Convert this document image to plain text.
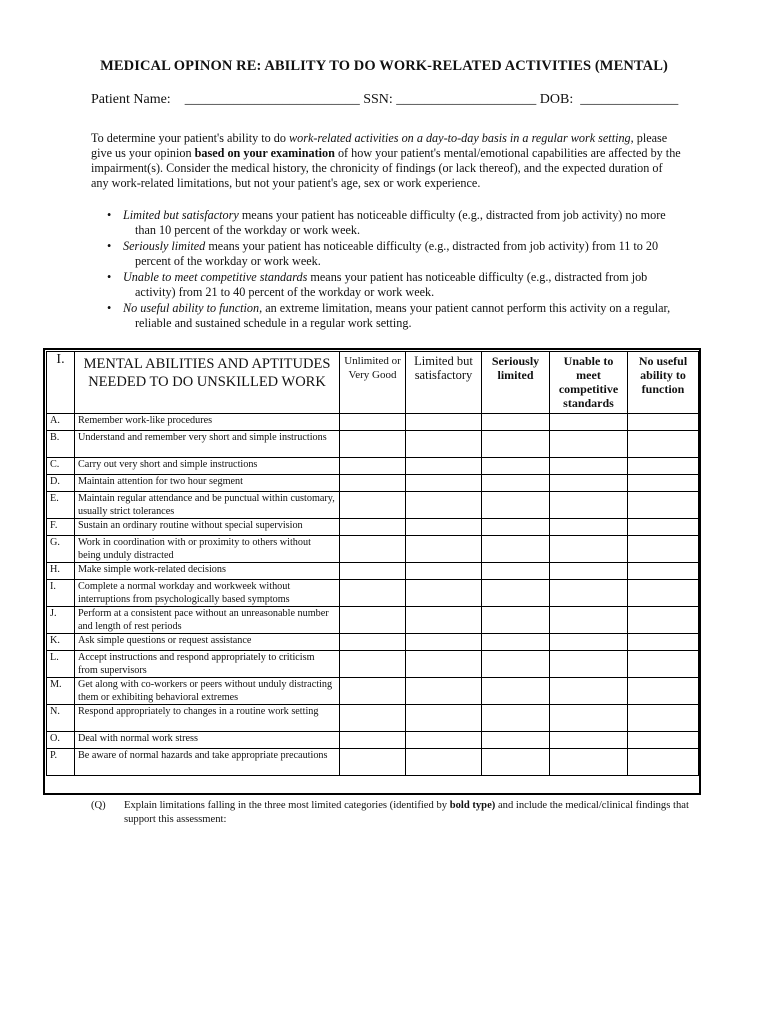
MEDICAL OPINON RE: ABILITY TO DO WORK-RELATED ACTIVITIES (MENTAL)
Patient Name: _________________________ SSN: ____________________ DOB: ______________
To determine your patient's ability to do work-related activities on a day-to-day basis in a regular work setting, please give us your opinion based on your examination of how your patient's mental/emotional capabilities are affected by the impairment(s). Consider the medical history, the chronicity of findings (or lack thereof), and the expected duration of any work-related limitations, but not your patient's age, sex or work experience.
• Limited but satisfactory means your patient has noticeable difficulty (e.g., distracted from job activity) no more than 10 percent of the workday or work week.
• Seriously limited means your patient has noticeable difficulty (e.g., distracted from job activity) from 11 to 20 percent of the workday or work week.
• Unable to meet competitive standards means your patient has noticeable difficulty (e.g., distracted from job activity) from 21 to 40 percent of the workday or work week.
• No useful ability to function, an extreme limitation, means your patient cannot perform this activity on a regular, reliable and sustained schedule in a regular work setting.
I.	MENTAL ABILITIES AND APTITUDES NEEDED TO DO UNSKILLED WORK	Unlimited or Very Good	Limited but satisfactory	Seriously limited	Unable to meet competitive standards	No useful ability to function
A.	Remember work-like procedures					
B.	Understand and remember very short and simple instructions					
C.	Carry out very short and simple instructions					
D.	Maintain attention for two hour segment					
E.	Maintain regular attendance and be punctual within customary, usually strict tolerances					
F.	Sustain an ordinary routine without special supervision					
G.	Work in coordination with or proximity to others without being unduly distracted					
H.	Make simple work-related decisions					
I.	Complete a normal workday and workweek without interruptions from psychologically based symptoms					
J.	Perform at a consistent pace without an unreasonable number and length of rest periods					
K.	Ask simple questions or request assistance					
L.	Accept instructions and respond appropriately to criticism from supervisors					
M.	Get along with co-workers or peers without unduly distracting them or exhibiting behavioral extremes					
N.	Respond appropriately to changes in a routine work setting					
O.	Deal with normal work stress					
P.	Be aware of normal hazards and take appropriate precautions					
(Q) Explain limitations falling in the three most limited categories (identified by bold type) and include the medical/clinical findings that support this assessment:
